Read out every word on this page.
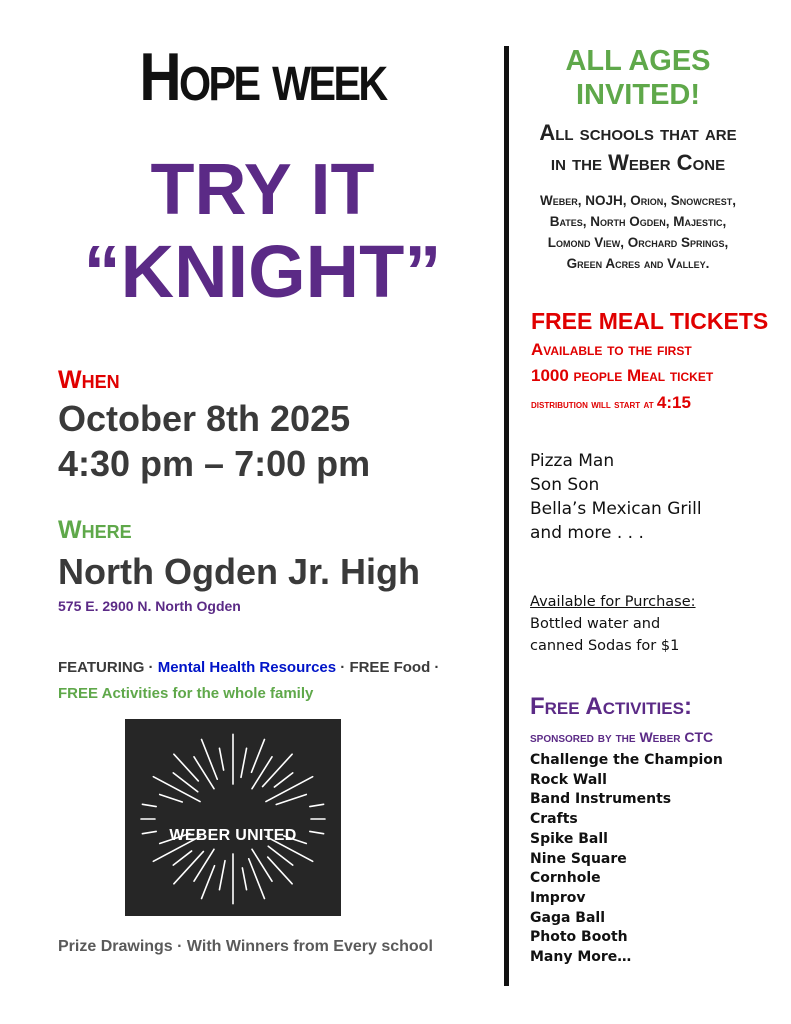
Hope week
TRY IT
“KNIGHT”
When
October 8th 2025
4:30 pm – 7:00 pm
Where
North Ogden Jr. High
575 E. 2900 N. North Ogden
FEATURING · Mental Health Resources · FREE Food ·
FREE Activities for the whole family
WEBER UNITED
Prize Drawings · With Winners from Every school
ALL AGES
INVITED!
All schools that are
in the Weber Cone
Weber, NOJH, Orion, Snowcrest,
Bates, North Ogden, Majestic,
Lomond View, Orchard Springs,
Green Acres and Valley.
FREE MEAL TICKETS
Available to the first
1000 people Meal ticket
distribution will start at 4:15
Pizza Man
Son Son
Bella’s Mexican Grill
and more . . .
Available for Purchase:
Bottled water and
canned Sodas for $1
Free Activities:
sponsored by the Weber CTC
Challenge the Champion
Rock Wall
Band Instruments
Crafts
Spike Ball
Nine Square
Cornhole
Improv
Gaga Ball
Photo Booth
Many More…
